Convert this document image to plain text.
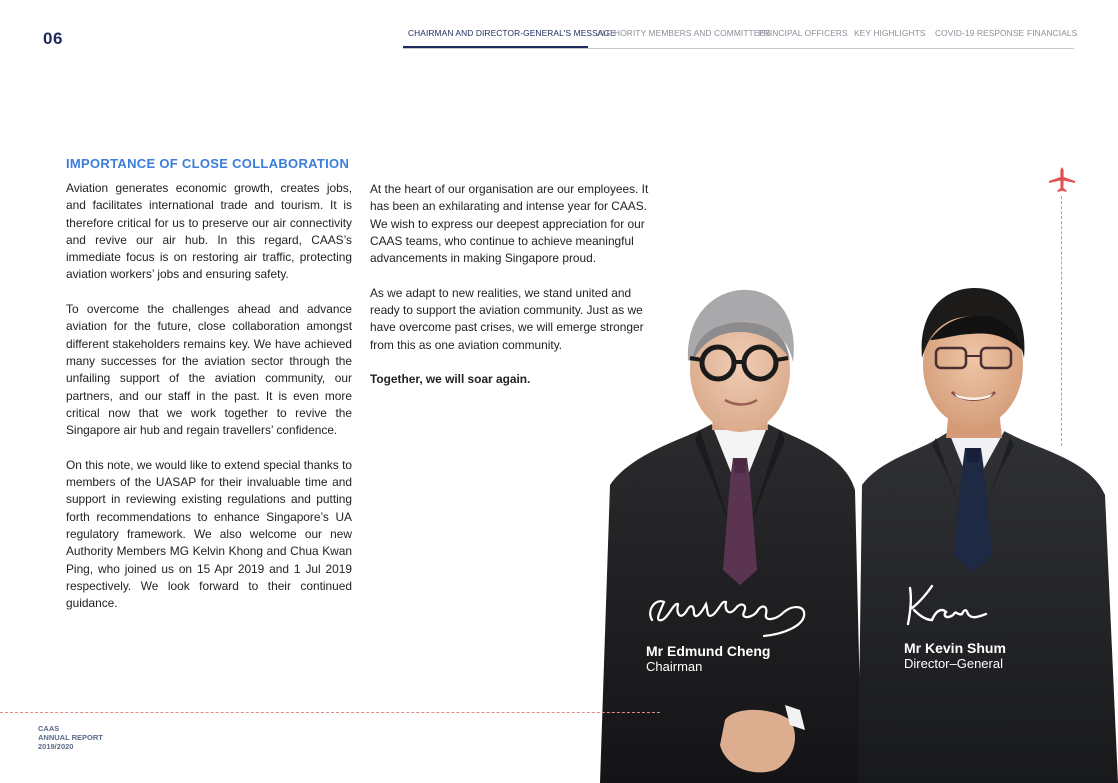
06	CHAIRMAN AND DIRECTOR-GENERAL'S MESSAGE
AUTHORITY MEMBERS AND COMMITTEES
PRINCIPAL OFFICERS KEY HIGHLIGHTS COVID-19 RESPONSE FINANCIALS
IMPORTANCE OF CLOSE COLLABORATION

Aviation generates economic growth, creates jobs, and facilitates international trade and tourism. It is therefore critical for us to preserve our air connectivity and revive our air hub. In this regard, CAAS’s immediate focus is on restoring air traffic, protecting aviation workers’ jobs and ensuring safety.

To overcome the challenges ahead and advance aviation for the future, close collaboration amongst different stakeholders remains key. We have achieved many successes for the aviation sector through the unfailing support of the aviation community, our partners, and our staff in the past. It is even more critical now that we work together to revive the Singapore air hub and regain travellers’ confidence.

On this note, we would like to extend special thanks to members of the UASAP for their invaluable time and support in reviewing existing regulations and putting forth recommendations to enhance Singapore’s UA regulatory framework. We also welcome our new Authority Members MG Kelvin Khong and Chua Kwan Ping, who joined us on 15 Apr 2019 and 1 Jul 2019 respectively. We look forward to their continued guidance.

At the heart of our organisation are our employees. It has been an exhilarating and intense year for CAAS. We wish to express our deepest appreciation for our CAAS teams, who continue to achieve meaningful advancements in making Singapore proud.

As we adapt to new realities, we stand united and ready to support the aviation community. Just as we have overcome past crises, we will emerge stronger from this as one aviation community.

Together, we will soar again.

Mr Edmund Cheng
Chairman
Mr Kevin Shum
Director–General
CAAS
ANNUAL REPORT
2019/2020
